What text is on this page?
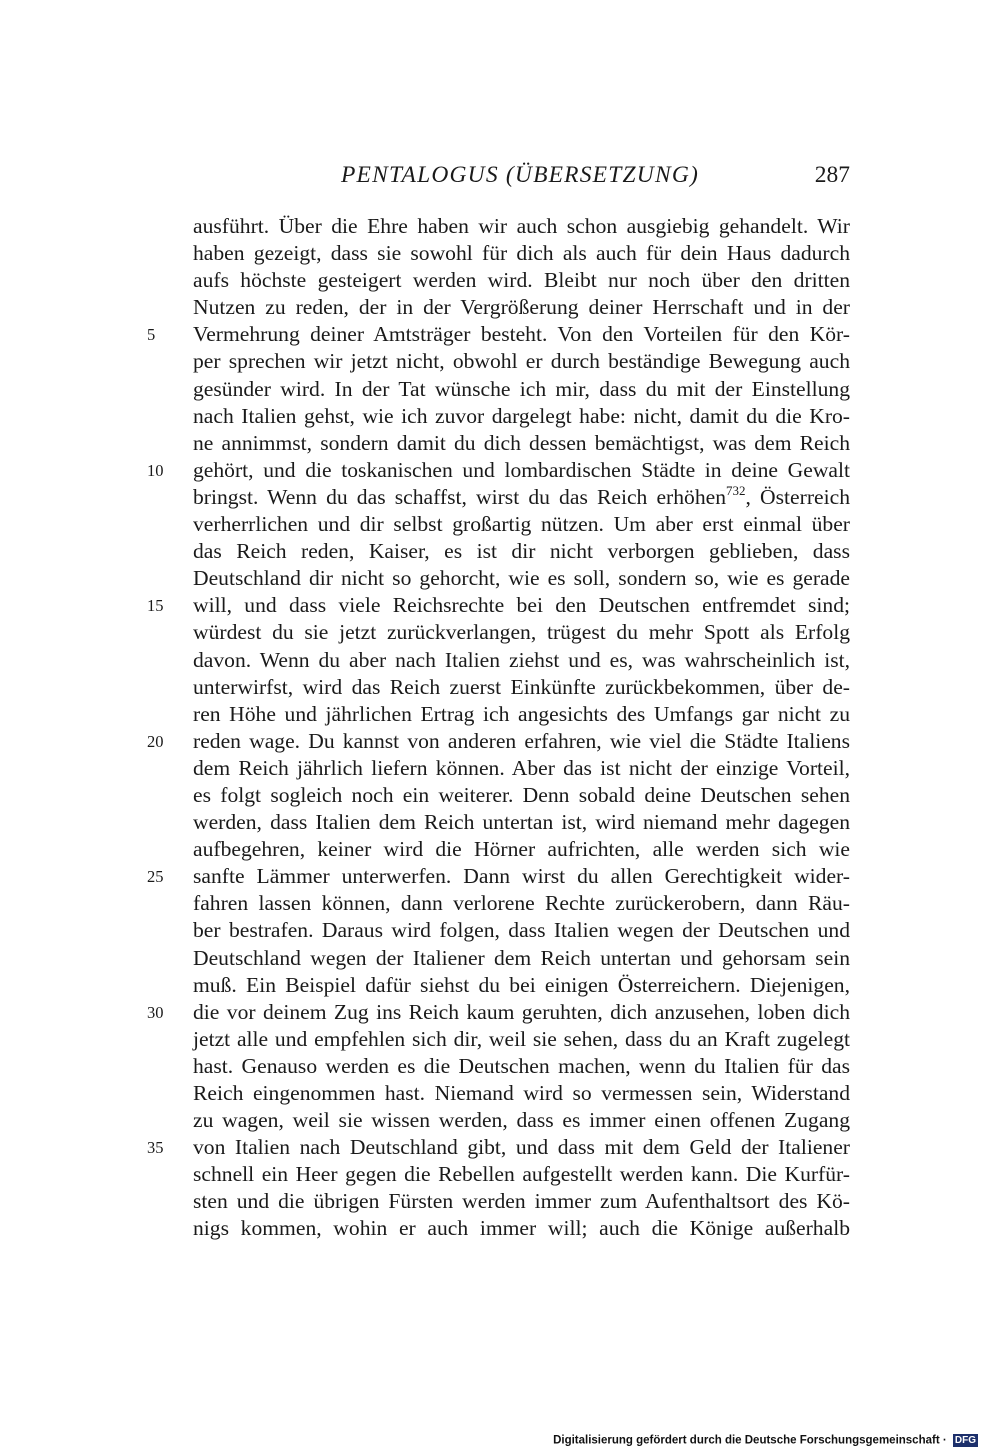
PENTALOGUS (ÜBERSETZUNG)	287
ausführt. Über die Ehre haben wir auch schon ausgiebig gehandelt. Wir
haben gezeigt, dass sie sowohl für dich als auch für dein Haus dadurch
aufs höchste gesteigert werden wird. Bleibt nur noch über den dritten
Nutzen zu reden, der in der Vergrößerung deiner Herrschaft und in der
5	Vermehrung deiner Amtsträger besteht. Von den Vorteilen für den Kör-
per sprechen wir jetzt nicht, obwohl er durch beständige Bewegung auch
gesünder wird. In der Tat wünsche ich mir, dass du mit der Einstellung
nach Italien gehst, wie ich zuvor dargelegt habe: nicht, damit du die Kro-
ne annimmst, sondern damit du dich dessen bemächtigst, was dem Reich
10	gehört, und die toskanischen und lombardischen Städte in deine Gewalt
bringst. Wenn du das schaffst, wirst du das Reich erhöhen$^{732}$, Österreich
verherrlichen und dir selbst großartig nützen. Um aber erst einmal über
das Reich reden, Kaiser, es ist dir nicht verborgen geblieben, dass
Deutschland dir nicht so gehorcht, wie es soll, sondern so, wie es gerade
15	will, und dass viele Reichsrechte bei den Deutschen entfremdet sind;
würdest du sie jetzt zurückverlangen, trügest du mehr Spott als Erfolg
davon. Wenn du aber nach Italien ziehst und es, was wahrscheinlich ist,
unterwirfst, wird das Reich zuerst Einkünfte zurückbekommen, über de-
ren Höhe und jährlichen Ertrag ich angesichts des Umfangs gar nicht zu
20	reden wage. Du kannst von anderen erfahren, wie viel die Städte Italiens
dem Reich jährlich liefern können. Aber das ist nicht der einzige Vorteil,
es folgt sogleich noch ein weiterer. Denn sobald deine Deutschen sehen
werden, dass Italien dem Reich untertan ist, wird niemand mehr dagegen
aufbegehren, keiner wird die Hörner aufrichten, alle werden sich wie
25	sanfte Lämmer unterwerfen. Dann wirst du allen Gerechtigkeit wider-
fahren lassen können, dann verlorene Rechte zurückerobern, dann Räu-
ber bestrafen. Daraus wird folgen, dass Italien wegen der Deutschen und
Deutschland wegen der Italiener dem Reich untertan und gehorsam sein
muß. Ein Beispiel dafür siehst du bei einigen Österreichern. Diejenigen,
30	die vor deinem Zug ins Reich kaum geruhten, dich anzusehen, loben dich
jetzt alle und empfehlen sich dir, weil sie sehen, dass du an Kraft zugelegt
hast. Genauso werden es die Deutschen machen, wenn du Italien für das
Reich eingenommen hast. Niemand wird so vermessen sein, Widerstand
zu wagen, weil sie wissen werden, dass es immer einen offenen Zugang
35	von Italien nach Deutschland gibt, und dass mit dem Geld der Italiener
schnell ein Heer gegen die Rebellen aufgestellt werden kann. Die Kurfür-
sten und die übrigen Fürsten werden immer zum Aufenthaltsort des Kö-
nigs kommen, wohin er auch immer will; auch die Könige außerhalb
Digitalisierung gefördert durch die Deutsche Forschungsgemeinschaft · DFG
